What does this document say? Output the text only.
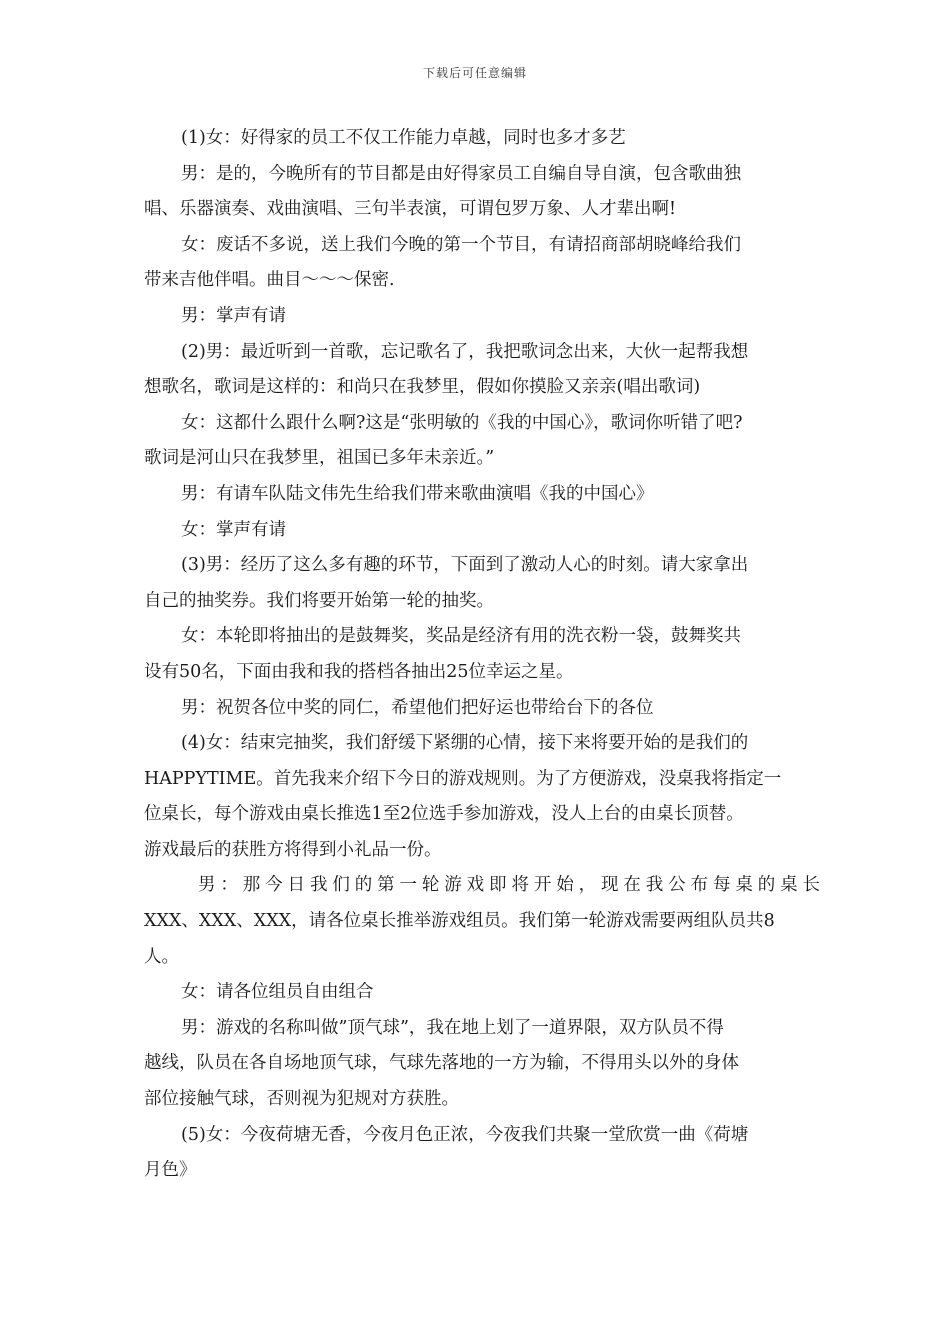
下载后可任意编辑
(1)女：好得家的员工不仅工作能力卓越，同时也多才多艺
男：是的，今晚所有的节目都是由好得家员工自编自导自演，包含歌曲独
唱、乐器演奏、戏曲演唱、三句半表演，可谓包罗万象、人才辈出啊!
女：废话不多说，送上我们今晚的第一个节目，有请招商部胡晓峰给我们
带来吉他伴唱。曲目～～～保密.
男：掌声有请
(2)男：最近听到一首歌，忘记歌名了，我把歌词念出来，大伙一起帮我想
想歌名，歌词是这样的：和尚只在我梦里，假如你摸脸又亲亲(唱出歌词)
女：这都什么跟什么啊?这是“张明敏的《我的中国心》，歌词你听错了吧?
歌词是河山只在我梦里，祖国已多年未亲近。”
男：有请车队陆文伟先生给我们带来歌曲演唱《我的中国心》
女：掌声有请
(3)男：经历了这么多有趣的环节，下面到了激动人心的时刻。请大家拿出
自己的抽奖券。我们将要开始第一轮的抽奖。
女：本轮即将抽出的是鼓舞奖，奖品是经济有用的洗衣粉一袋，鼓舞奖共
设有50名，下面由我和我的搭档各抽出25位幸运之星。
男：祝贺各位中奖的同仁，希望他们把好运也带给台下的各位
(4)女：结束完抽奖，我们舒缓下紧绷的心情，接下来将要开始的是我们的
HAPPYTIME。首先我来介绍下今日的游戏规则。为了方便游戏，没桌我将指定一
位桌长，每个游戏由桌长推选1至2位选手参加游戏，没人上台的由桌长顶替。
游戏最后的获胜方将得到小礼品一份。
男：那今日我们的第一轮游戏即将开始，现在我公布每桌的桌长
XXX、XXX、XXX，请各位桌长推举游戏组员。我们第一轮游戏需要两组队员共8
人。
女：请各位组员自由组合
男：游戏的名称叫做”顶气球”，我在地上划了一道界限，双方队员不得
越线，队员在各自场地顶气球，气球先落地的一方为输，不得用头以外的身体
部位接触气球，否则视为犯规对方获胜。
(5)女：今夜荷塘无香，今夜月色正浓，今夜我们共聚一堂欣赏一曲《荷塘
月色》
